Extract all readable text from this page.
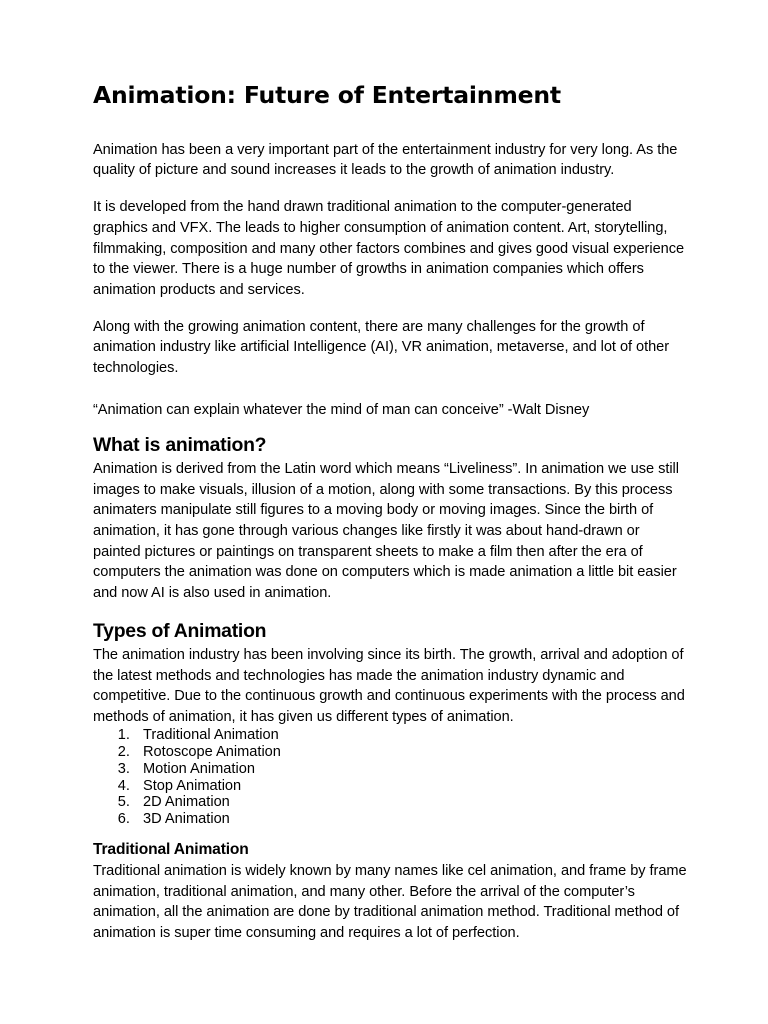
Animation: Future of Entertainment

Animation has been a very important part of the entertainment industry for very long. As the quality of picture and sound increases it leads to the growth of animation industry.

It is developed from the hand drawn traditional animation to the computer-generated graphics and VFX. The leads to higher consumption of animation content. Art, storytelling, filmmaking, composition and many other factors combines and gives good visual experience to the viewer. There is a huge number of growths in animation companies which offers animation products and services.

Along with the growing animation content, there are many challenges for the growth of animation industry like artificial Intelligence (AI), VR animation, metaverse, and lot of other technologies.

“Animation can explain whatever the mind of man can conceive” -Walt Disney

What is animation?

Animation is derived from the Latin word which means “Liveliness”. In animation we use still images to make visuals, illusion of a motion, along with some transactions. By this process animaters manipulate still figures to a moving body or moving images. Since the birth of animation, it has gone through various changes like firstly it was about hand-drawn or painted pictures or paintings on transparent sheets to make a film then after the era of computers the animation was done on computers which is made animation a little bit easier and now AI is also used in animation.

Types of Animation

The animation industry has been involving since its birth. The growth, arrival and adoption of the latest methods and technologies has made the animation industry dynamic and competitive. Due to the continuous growth and continuous experiments with the process and methods of animation, it has given us different types of animation.

1. Traditional Animation
2. Rotoscope Animation
3. Motion Animation
4. Stop Animation
5. 2D Animation
6. 3D Animation
Traditional Animation

Traditional animation is widely known by many names like cel animation, and frame by frame animation, traditional animation, and many other. Before the arrival of the computer’s animation, all the animation are done by traditional animation method. Traditional method of animation is super time consuming and requires a lot of perfection.
